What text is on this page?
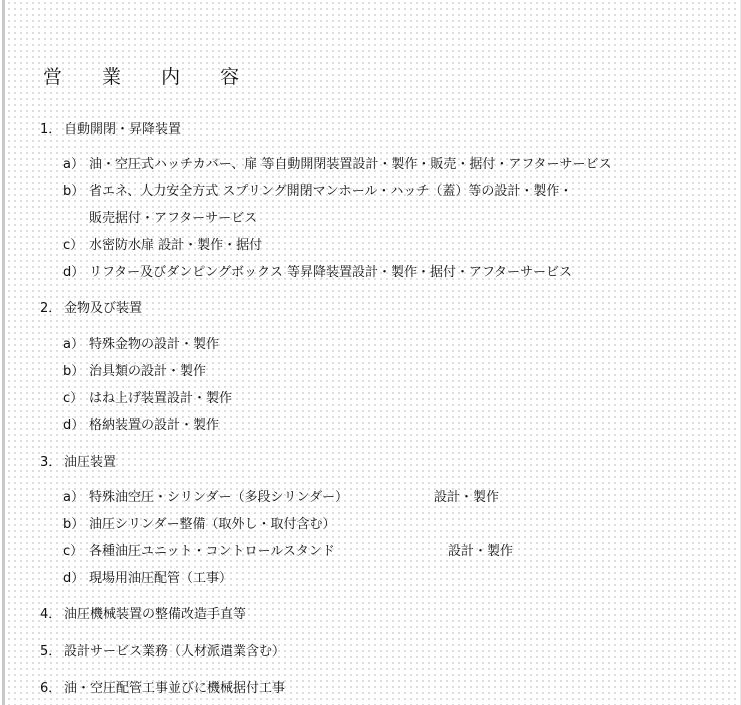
営 業 内 容
1． 自動開閉・昇降装置
a） 油・空圧式ハッチカバー、扉 等自動開閉装置設計・製作・販売・据付・アフターサービス
b） 省エネ、人力安全方式 スプリング開閉マンホール・ハッチ（蓋）等の設計・製作・
販売据付・アフターサービス
c） 水密防水扉 設計・製作・据付
d） リフター及びダンピングボックス 等昇降装置設計・製作・据付・アフターサービス
2． 金物及び装置
a） 特殊金物の設計・製作
b） 治具類の設計・製作
c） はね上げ装置設計・製作
d） 格納装置の設計・製作
3． 油圧装置
a） 特殊油空圧・シリンダー（多段シリンダー）	設計・製作
b） 油圧シリンダー整備（取外し・取付含む）
c） 各種油圧ユニット・コントロールスタンド	設計・製作
d） 現場用油圧配管（工事）
4． 油圧機械装置の整備改造手直等
5． 設計サービス業務（人材派遣業含む）
6． 油・空圧配管工事並びに機械据付工事
